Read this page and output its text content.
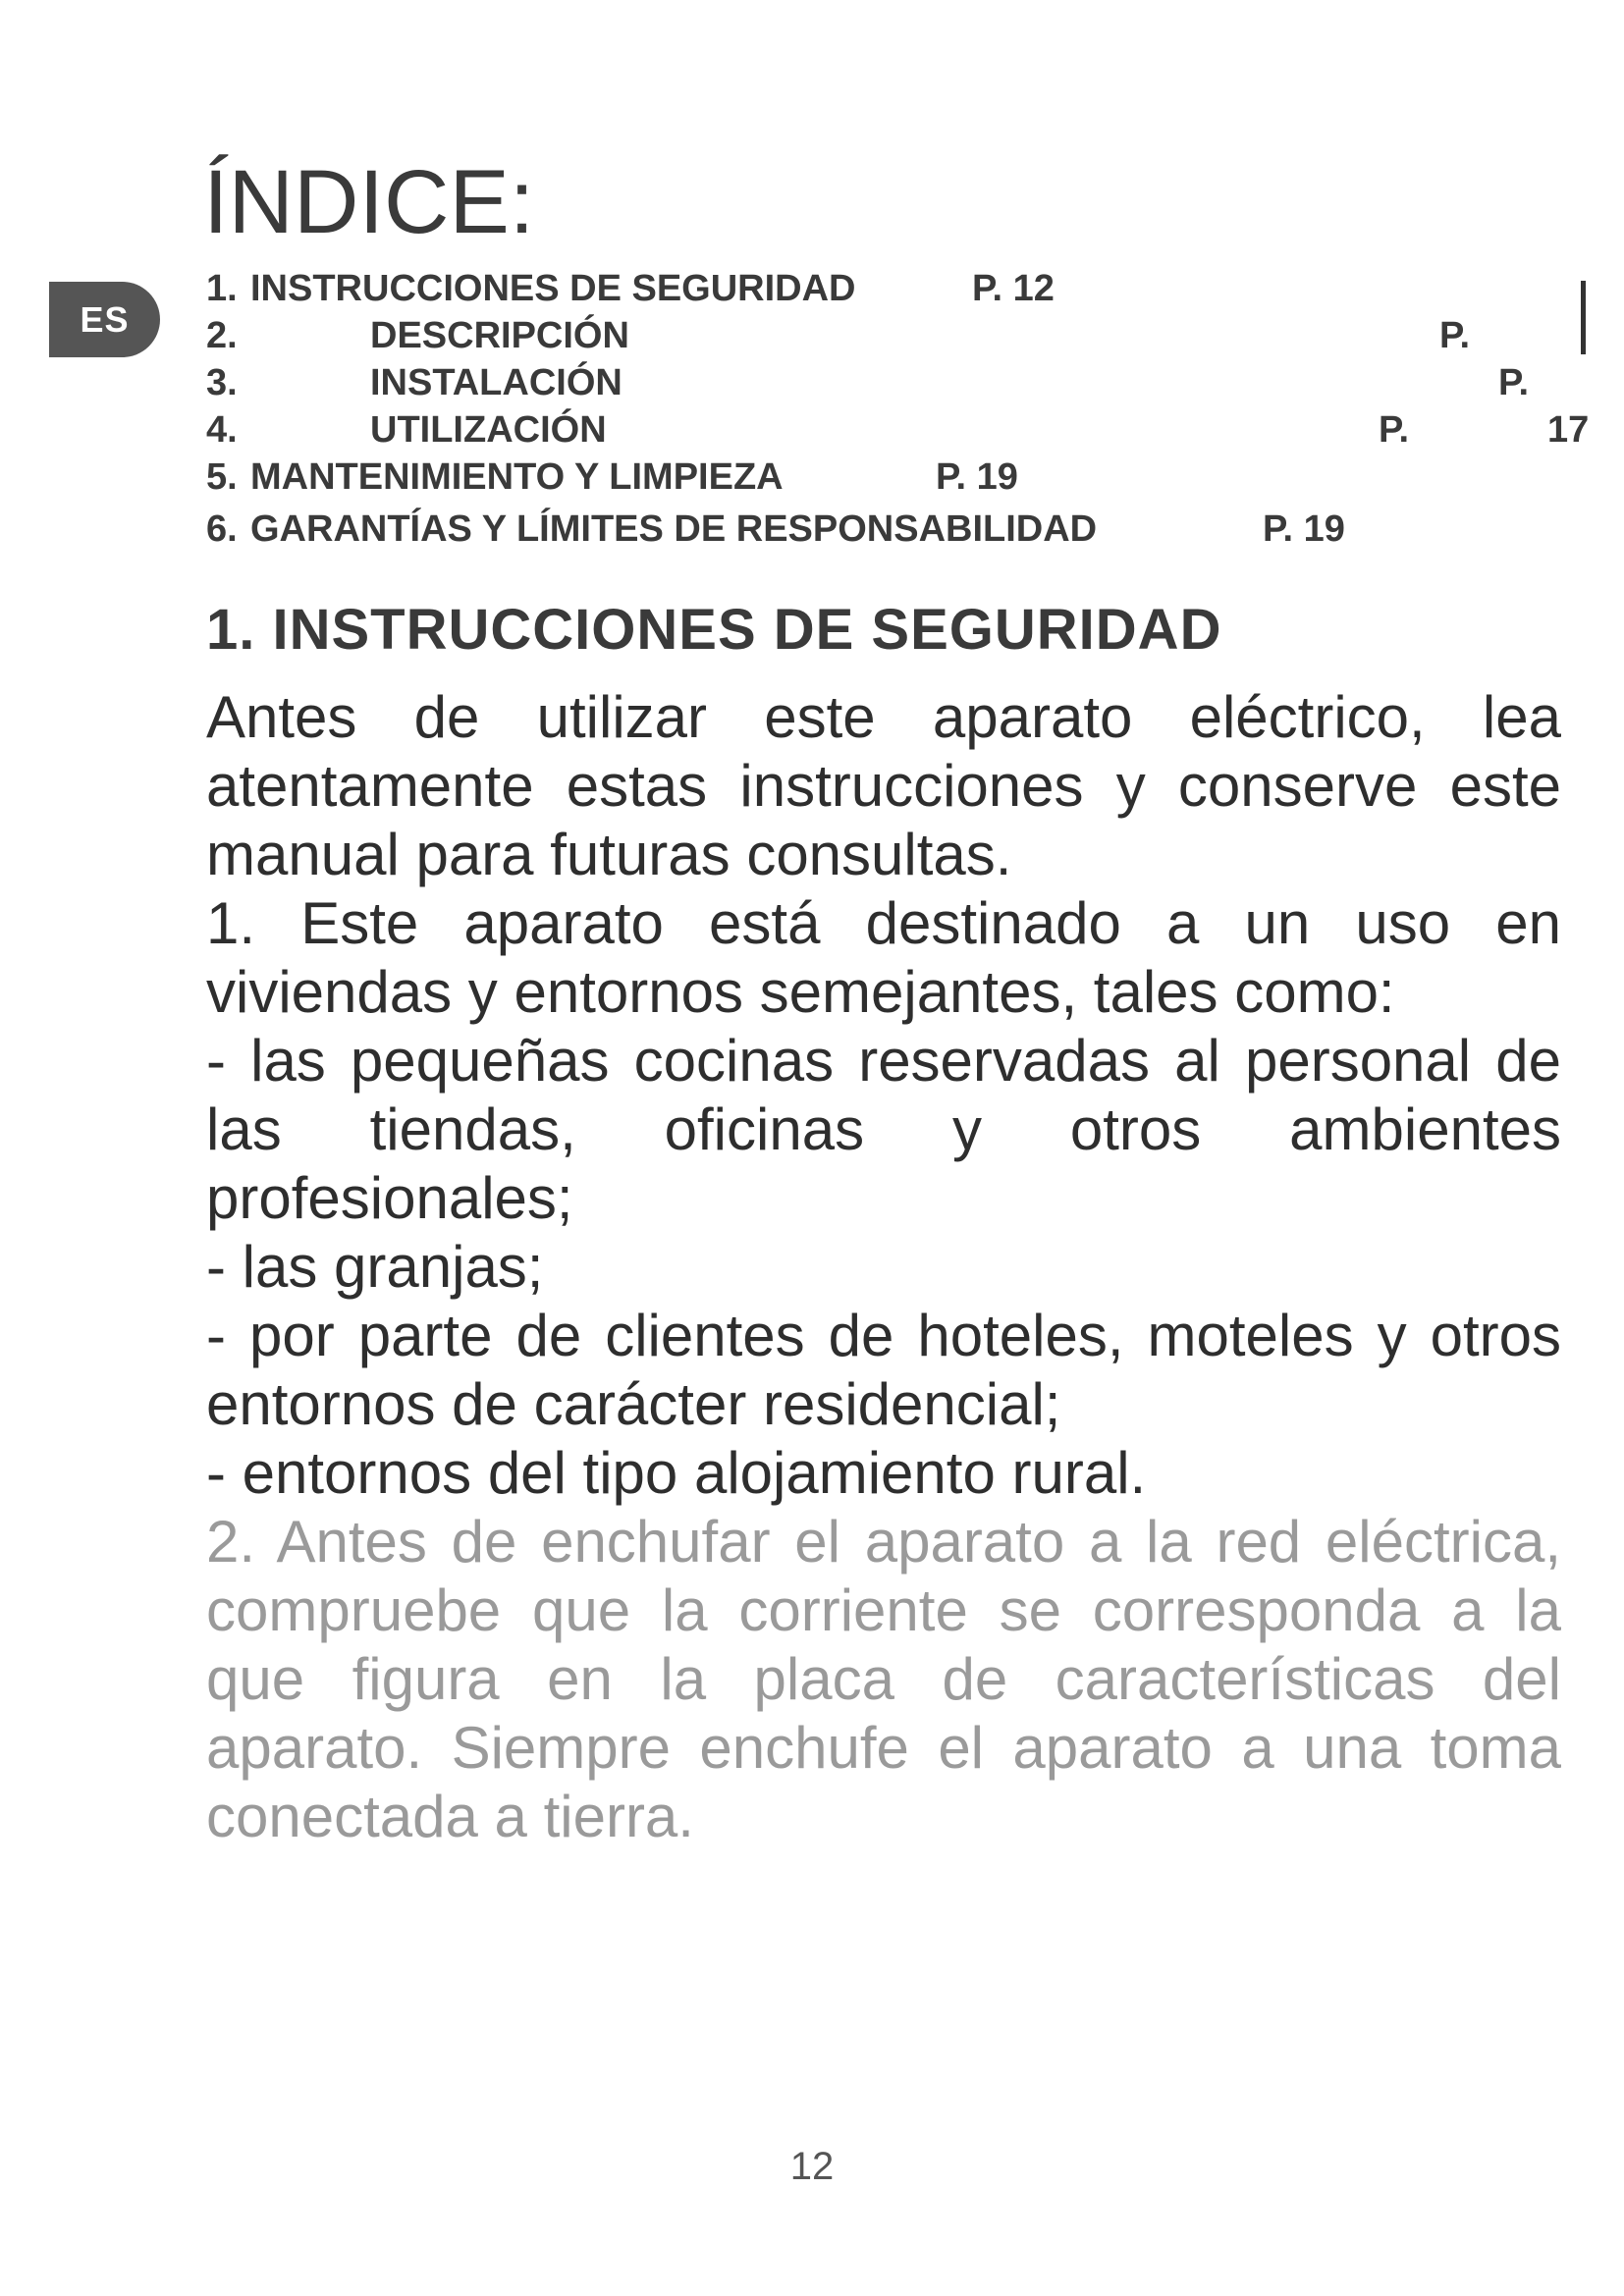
ES
ÍNDICE:
1. INSTRUCCIONES DE SEGURIDAD	P. 12
2.	DESCRIPCIÓN	P.
3.	INSTALACIÓN	P.
4.	UTILIZACIÓN	P.	17
5. MANTENIMIENTO Y LIMPIEZA	P. 19
6. GARANTÍAS Y LÍMITES DE RESPONSABILIDAD	P. 19
1. INSTRUCCIONES DE SEGURIDAD

Antes de utilizar este aparato eléctrico, lea atentamente estas instrucciones y conserve este manual para futuras consultas.

1. Este aparato está destinado a un uso en viviendas y entornos semejantes, tales como:

- las pequeñas cocinas reservadas al personal de las tiendas, oficinas y otros ambientes profesionales;

- las granjas;

- por parte de clientes de hoteles, moteles y otros entornos de carácter residencial;

- entornos del tipo alojamiento rural.

2. Antes de enchufar el aparato a la red eléctrica, compruebe que la corriente se corresponda a la que figura en la placa de características del aparato. Siempre enchufe el aparato a una toma conectada a tierra.

12
